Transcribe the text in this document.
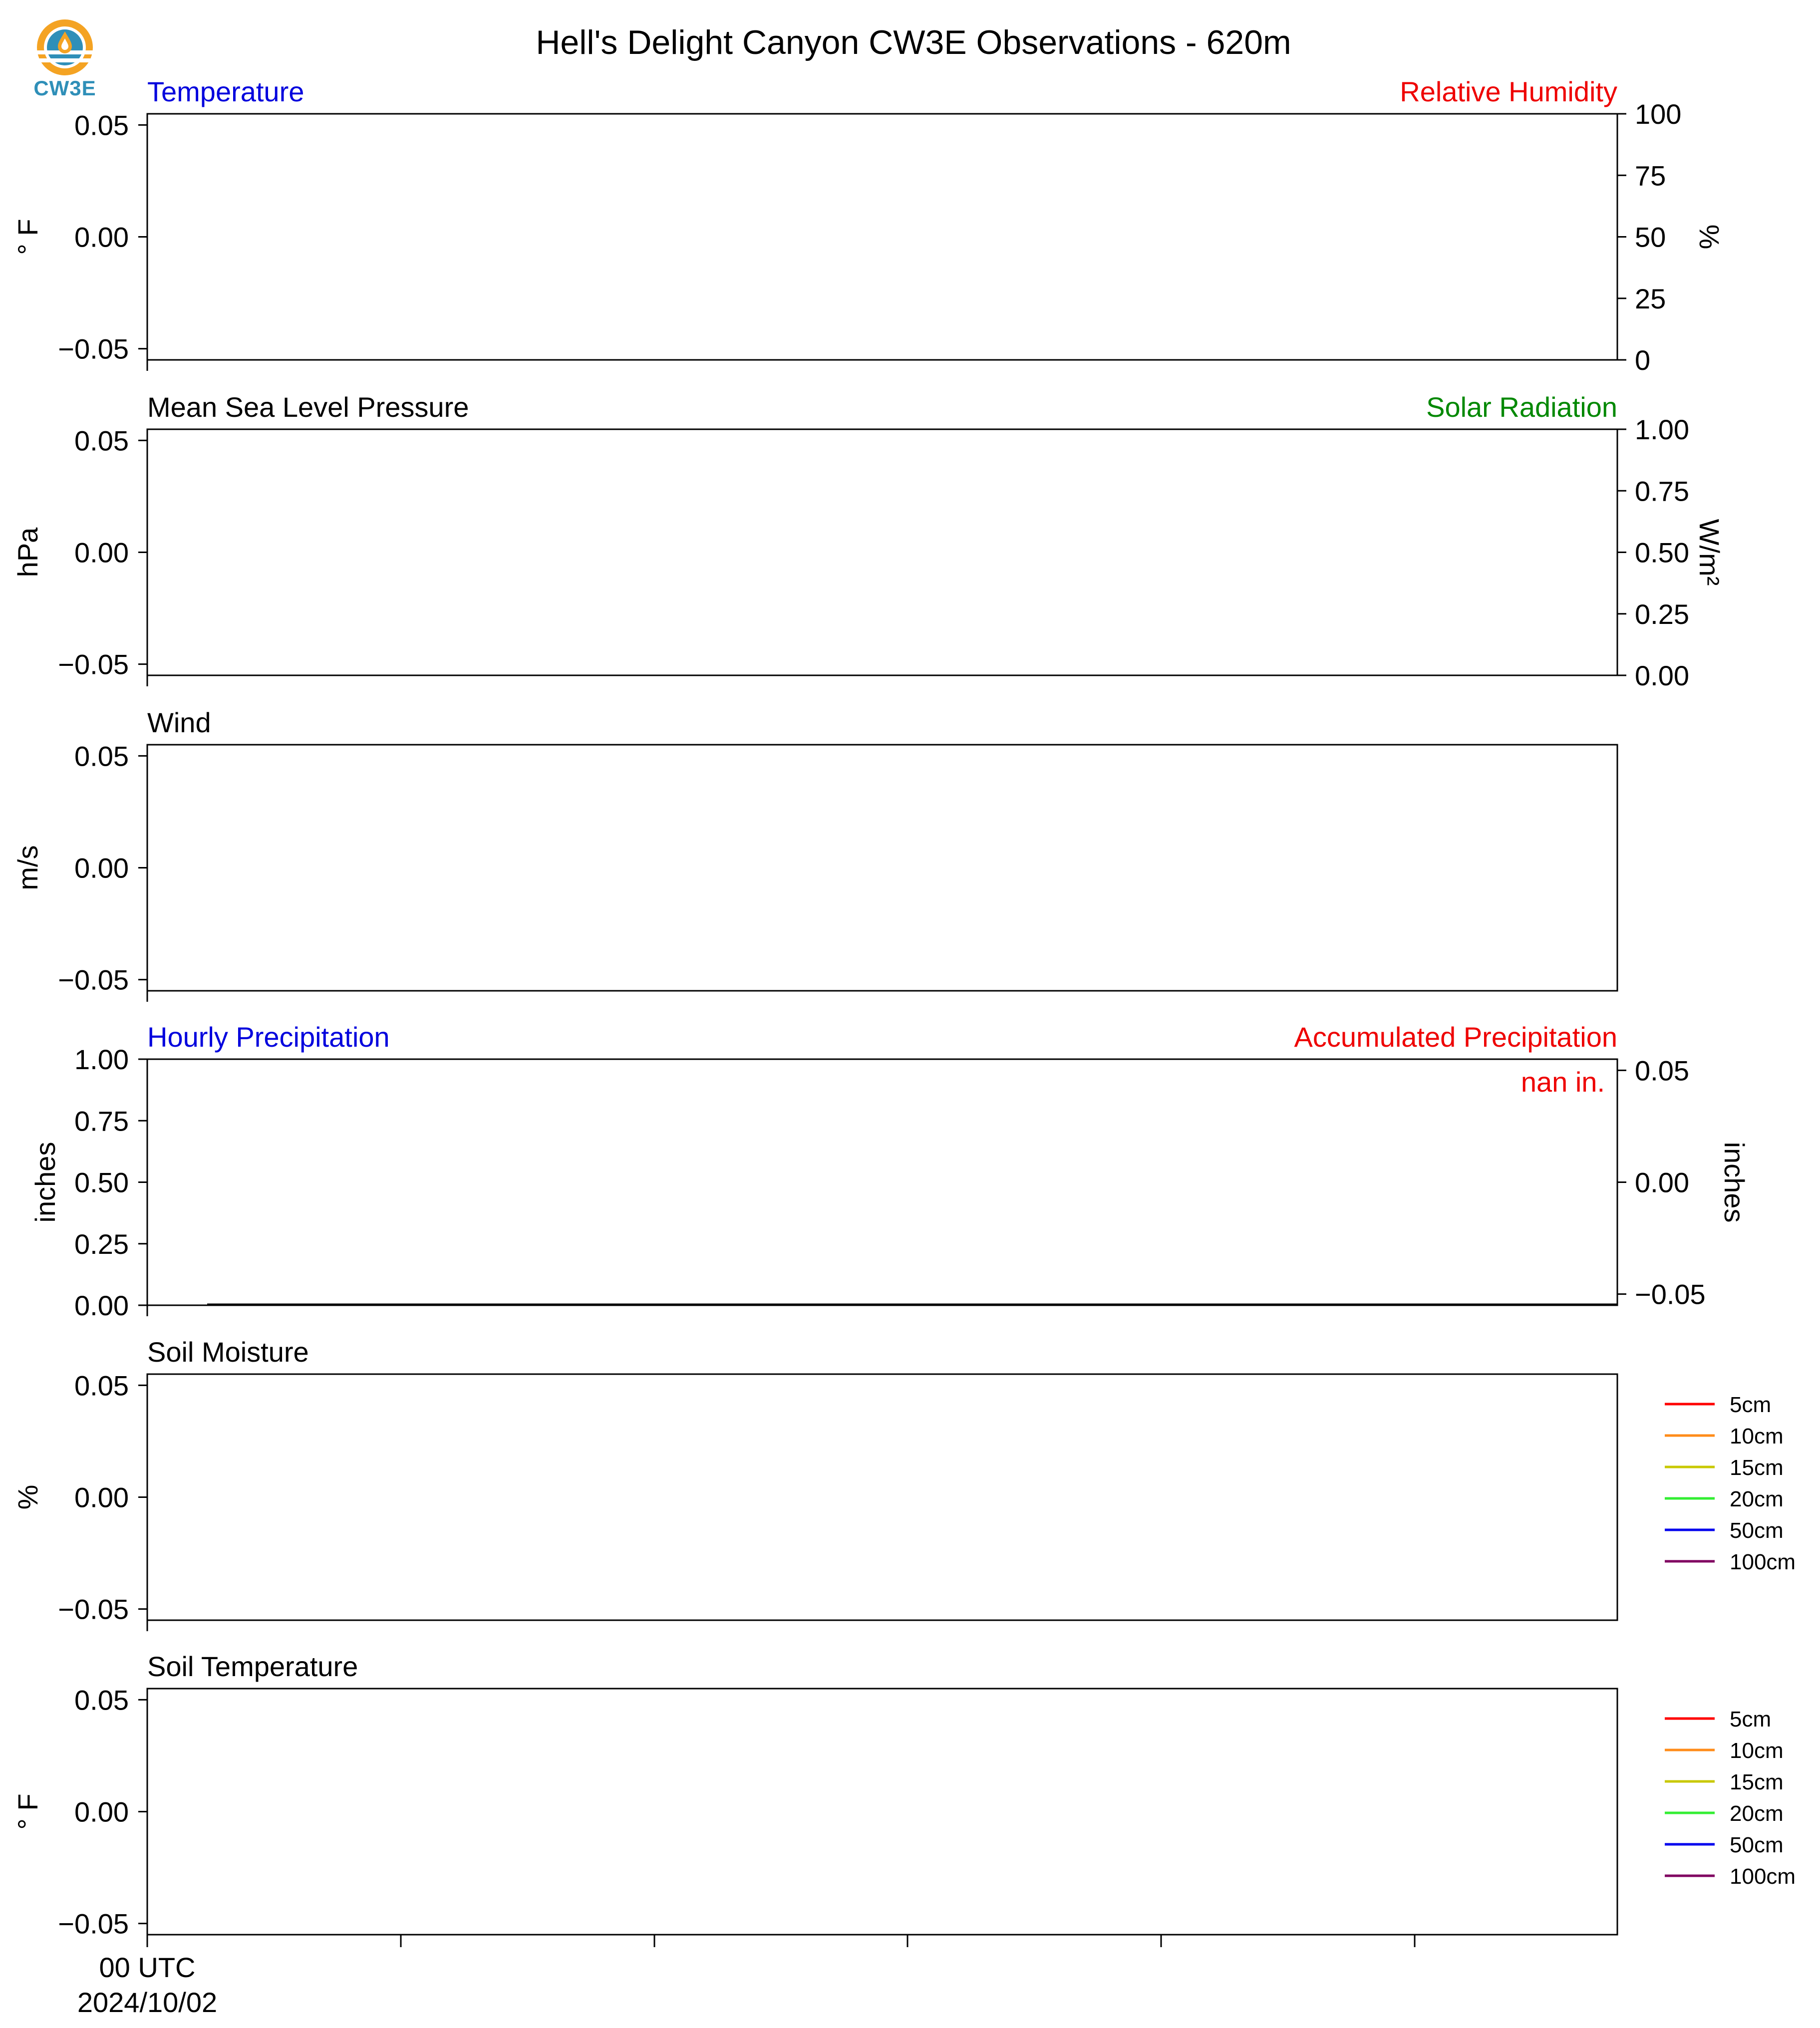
CW3E
Hell's Delight Canyon CW3E Observations - 620m
Temperature	Relative Humidity
0.05
0.00
−0.05
° F
100
75
50
25
0
%
Mean Sea Level Pressure	Solar Radiation
0.05
0.00
−0.05
hPa
1.00
0.75
0.50
0.25
0.00
W/m²
Wind
0.05
0.00
−0.05
m/s
Hourly Precipitation	Accumulated Precipitation
1.00
0.75
0.50
0.25
0.00
inches
0.05
0.00
−0.05
inches
nan in.
Soil Moisture
0.05
0.00
−0.05
%
5cm
10cm
15cm
20cm
50cm
100cm
Soil Temperature
0.05
0.00
−0.05
° F
5cm
10cm
15cm
20cm
50cm
100cm
00 UTC
2024/10/02
